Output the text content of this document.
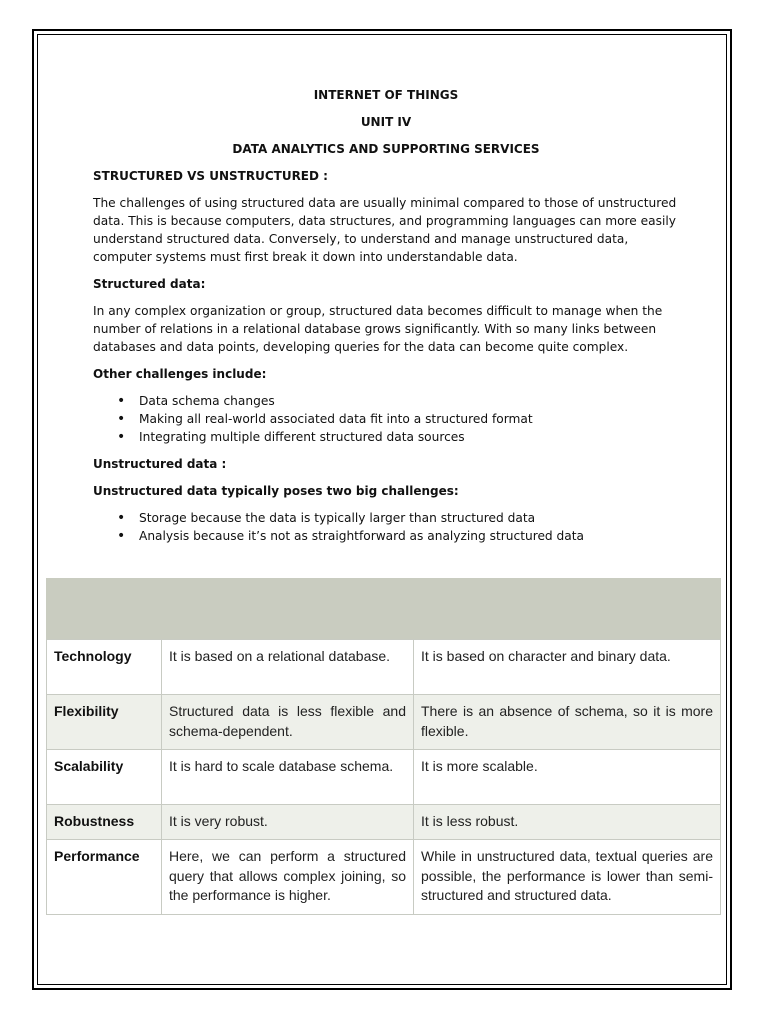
INTERNET OF THINGS
UNIT IV
DATA ANALYTICS AND SUPPORTING SERVICES
STRUCTURED VS UNSTRUCTURED :
The challenges of using structured data are usually minimal compared to those of unstructured data. This is because computers, data structures, and programming languages can more easily understand structured data. Conversely, to understand and manage unstructured data, computer systems must first break it down into understandable data.
Structured data:
In any complex organization or group, structured data becomes difficult to manage when the number of relations in a relational database grows significantly. With so many links between databases and data points, developing queries for the data can become quite complex.
Other challenges include:
• Data schema changes
• Making all real-world associated data fit into a structured format
• Integrating multiple different structured data sources
Unstructured data :
Unstructured data typically poses two big challenges:
• Storage because the data is typically larger than structured data
• Analysis because it’s not as straightforward as analyzing structured data
Technology	It is based on a relational database.	It is based on character and binary data.
Flexibility	Structured data is less flexible and schema-dependent.	There is an absence of schema, so it is more flexible.
Scalability	It is hard to scale database schema.	It is more scalable.
Robustness	It is very robust.	It is less robust.
Performance	Here, we can perform a structured query that allows complex joining, so the performance is higher.	While in unstructured data, textual queries are possible, the performance is lower than semi-structured and structured data.
